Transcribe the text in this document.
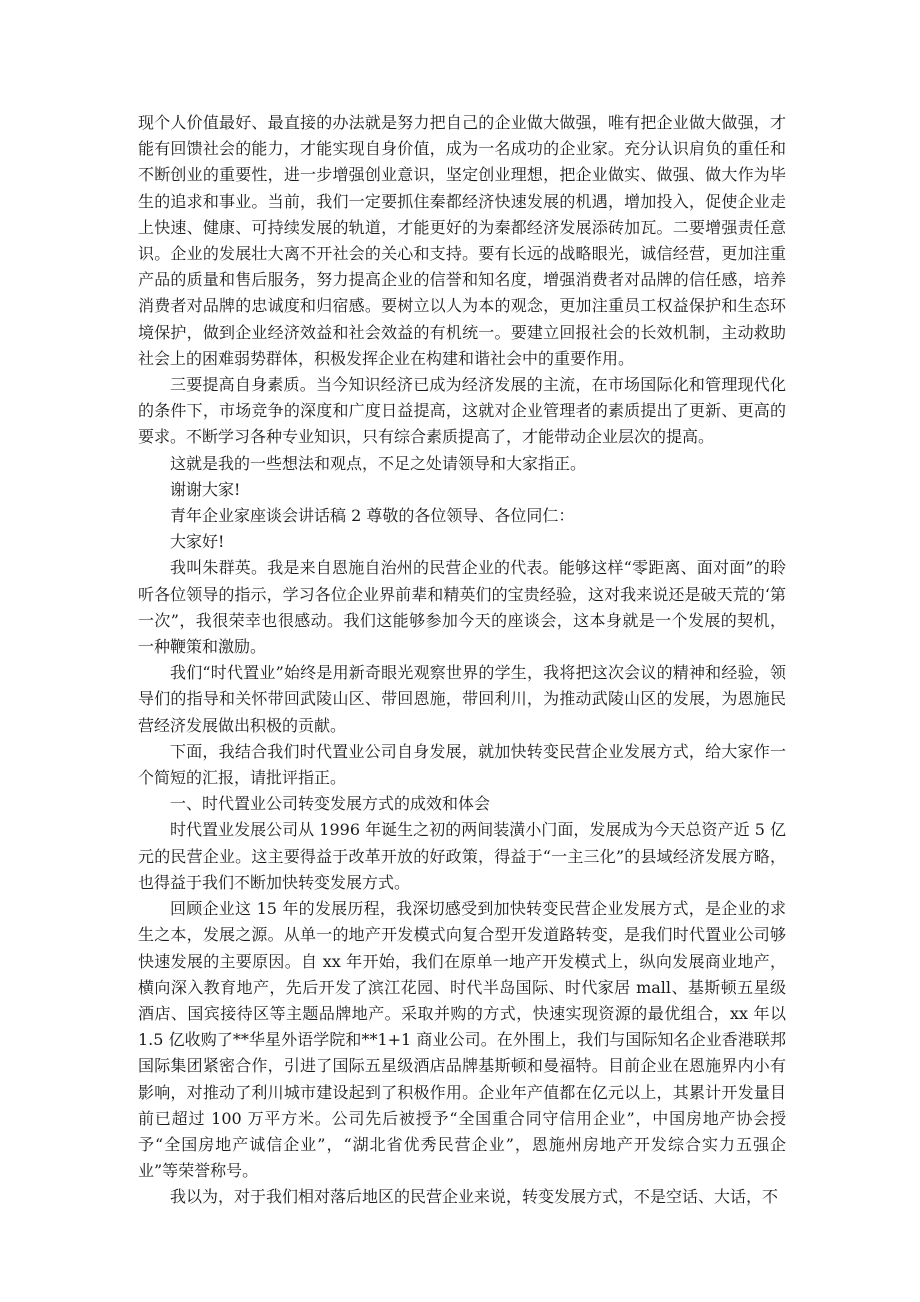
现个人价值最好、最直接的办法就是努力把自己的企业做大做强，唯有把企业做大做强，才能有回馈社会的能力，才能实现自身价值，成为一名成功的企业家。充分认识肩负的重任和不断创业的重要性，进一步增强创业意识，坚定创业理想，把企业做实、做强、做大作为毕生的追求和事业。当前，我们一定要抓住秦都经济快速发展的机遇，增加投入，促使企业走上快速、健康、可持续发展的轨道，才能更好的为秦都经济发展添砖加瓦。二要增强责任意识。企业的发展壮大离不开社会的关心和支持。要有长远的战略眼光，诚信经营，更加注重产品的质量和售后服务，努力提高企业的信誉和知名度，增强消费者对品牌的信任感，培养消费者对品牌的忠诚度和归宿感。要树立以人为本的观念，更加注重员工权益保护和生态环境保护，做到企业经济效益和社会效益的有机统一。要建立回报社会的长效机制，主动救助社会上的困难弱势群体，积极发挥企业在构建和谐社会中的重要作用。

三要提高自身素质。当今知识经济已成为经济发展的主流，在市场国际化和管理现代化的条件下，市场竞争的深度和广度日益提高，这就对企业管理者的素质提出了更新、更高的要求。不断学习各种专业知识，只有综合素质提高了，才能带动企业层次的提高。

这就是我的一些想法和观点，不足之处请领导和大家指正。

谢谢大家!

青年企业家座谈会讲话稿 2 尊敬的各位领导、各位同仁：

大家好!

我叫朱群英。我是来自恩施自治州的民营企业的代表。能够这样“零距离、面对面”的聆听各位领导的指示，学习各位企业界前辈和精英们的宝贵经验，这对我来说还是破天荒的‘第一次”，我很荣幸也很感动。我们这能够参加今天的座谈会，这本身就是一个发展的契机，一种鞭策和激励。

我们“时代置业”始终是用新奇眼光观察世界的学生，我将把这次会议的精神和经验，领导们的指导和关怀带回武陵山区、带回恩施，带回利川，为推动武陵山区的发展，为恩施民营经济发展做出积极的贡献。

下面，我结合我们时代置业公司自身发展，就加快转变民营企业发展方式，给大家作一个简短的汇报，请批评指正。

一、时代置业公司转变发展方式的成效和体会

时代置业发展公司从 1996 年诞生之初的两间装潢小门面，发展成为今天总资产近 5 亿元的民营企业。这主要得益于改革开放的好政策，得益于“一主三化”的县域经济发展方略，也得益于我们不断加快转变发展方式。

回顾企业这 15 年的发展历程，我深切感受到加快转变民营企业发展方式，是企业的求生之本，发展之源。从单一的地产开发模式向复合型开发道路转变，是我们时代置业公司够快速发展的主要原因。自 xx 年开始，我们在原单一地产开发模式上，纵向发展商业地产，横向深入教育地产，先后开发了滨江花园、时代半岛国际、时代家居 mall、基斯顿五星级酒店、国宾接待区等主题品牌地产。采取并购的方式，快速实现资源的最优组合，xx 年以 1.5 亿收购了**华星外语学院和**1+1 商业公司。在外围上，我们与国际知名企业香港联邦国际集团紧密合作，引进了国际五星级酒店品牌基斯顿和曼福特。目前企业在恩施界内小有影响，对推动了利川城市建设起到了积极作用。企业年产值都在亿元以上，其累计开发量目前已超过 100 万平方米。公司先后被授予“全国重合同守信用企业”，中国房地产协会授予“全国房地产诚信企业”，“湖北省优秀民营企业”，恩施州房地产开发综合实力五强企业”等荣誉称号。

我以为，对于我们相对落后地区的民营企业来说，转变发展方式，不是空话、大话，不
